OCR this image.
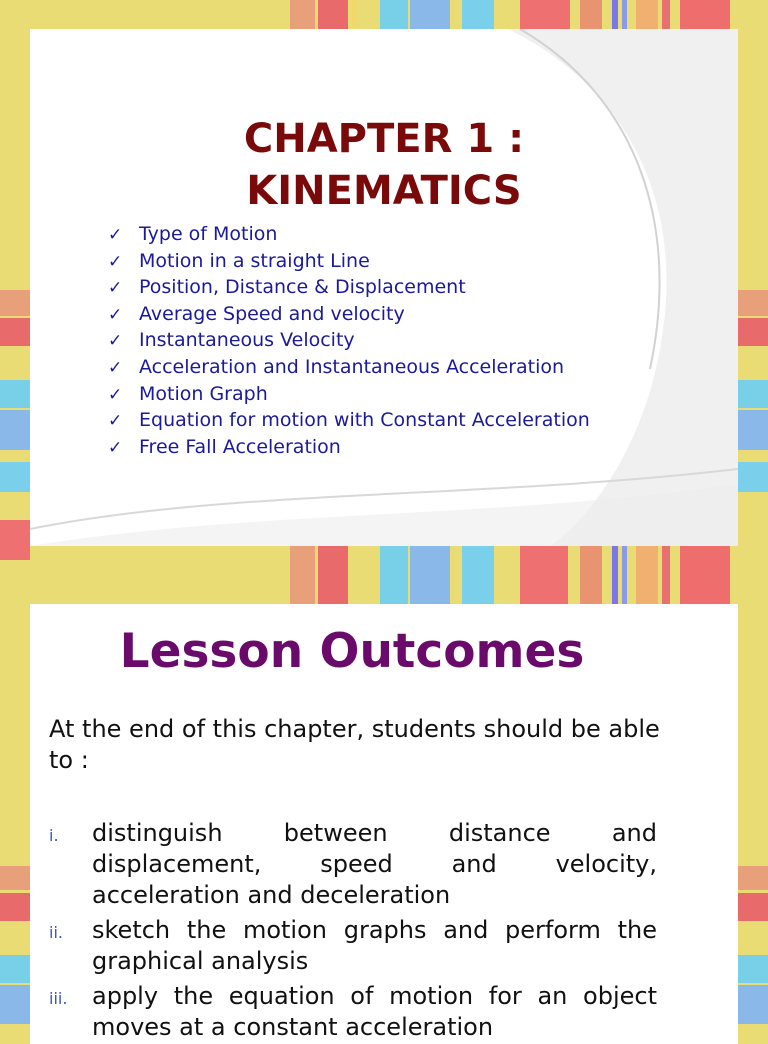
CHAPTER 1 :
KINEMATICS
✓ Type of Motion
✓ Motion in a straight Line
✓ Position, Distance & Displacement
✓ Average Speed and velocity
✓ Instantaneous Velocity
✓ Acceleration and Instantaneous Acceleration
✓ Motion Graph
✓ Equation for motion with Constant Acceleration
✓ Free Fall Acceleration
Lesson Outcomes
At the end of this chapter, students should be able to :
i. distinguish between distance and displacement, speed and velocity, acceleration and deceleration
ii. sketch the motion graphs and perform the graphical analysis
iii. apply the equation of motion for an object moves at a constant acceleration
